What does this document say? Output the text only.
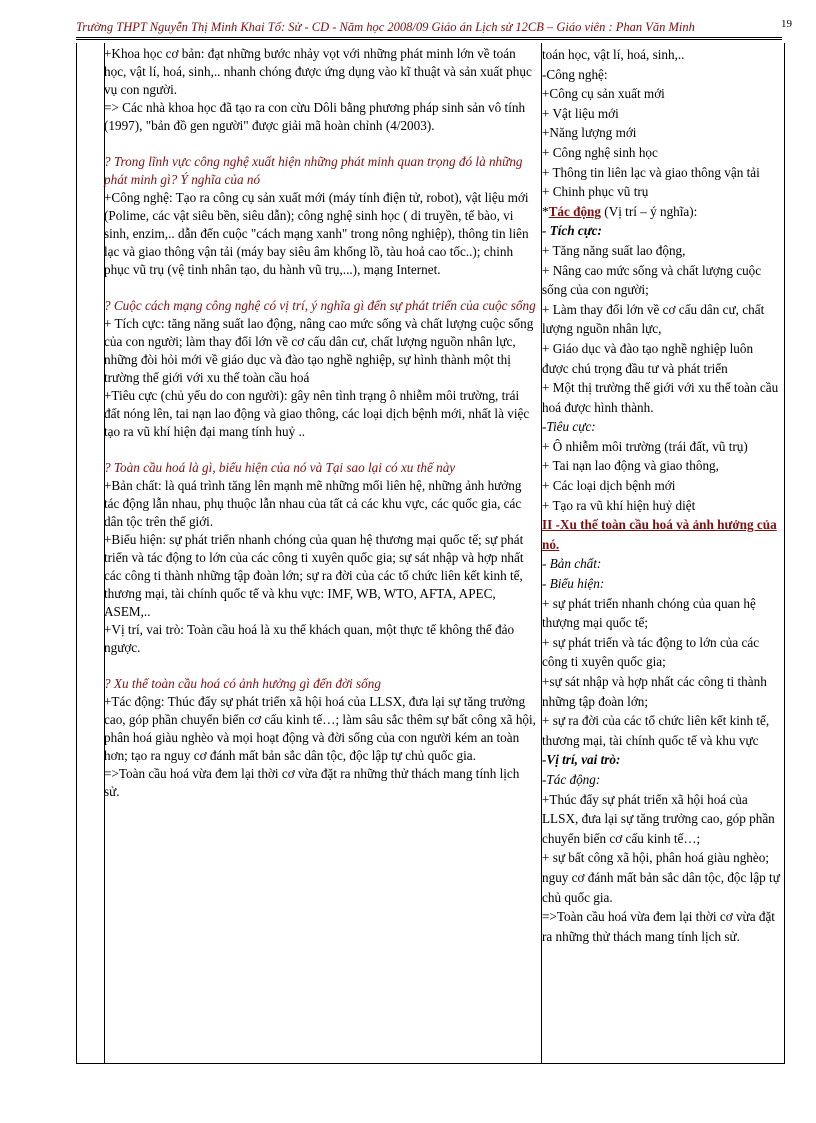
Trường THPT Nguyễn Thị Minh Khai Tổ: Sử - CD - Năm học 2008/09 Giáo án Lịch sử 12CB – Giáo viên : Phan Văn Minh	19

+Khoa học cơ bản: đạt những bước nhảy vọt với những phát minh lớn về toán học, vật lí, hoá, sinh,.. nhanh chóng được ứng dụng vào kĩ thuật và sản xuất phục vụ con người.

=> Các nhà khoa học đã tạo ra con cừu Dôli bằng phương pháp sinh sản vô tính (1997), "bản đồ gen người" được giải mã hoàn chỉnh (4/2003).

? Trong lĩnh vực công nghệ xuất hiện những phát minh quan trọng đó là những phát minh gì? Ý nghĩa của nó

+Công nghệ: Tạo ra công cụ sản xuất mới (máy tính điện tử, robot), vật liệu mới (Polime, các vật siêu bền, siêu dẫn); công nghệ sinh học ( di truyền, tế bào, vi sinh, enzim,.. dẫn đến cuộc "cách mạng xanh" trong nông nghiệp), thông tin liên lạc và giao thông vận tải (máy bay siêu âm khổng lồ, tàu hoả cao tốc..); chinh phục vũ trụ (vệ tinh nhân tạo, du hành vũ trụ,...), mạng Internet.

? Cuộc cách mạng công nghệ có vị trí, ý nghĩa gì đến sự phát triển của cuộc sống

+ Tích cực: tăng năng suất lao động, nâng cao mức sống và chất lượng cuộc sống của con người; làm thay đổi lớn về cơ cấu dân cư, chất lượng nguồn nhân lực, những đòi hỏi mới về giáo dục và đào tạo nghề nghiệp, sự hình thành một thị trường thế giới với xu thế toàn cầu hoá

+Tiêu cực (chủ yếu do con người): gây nên tình trạng ô nhiễm môi trường, trái đất nóng lên, tai nạn lao động và giao thông, các loại dịch bệnh mới, nhất là việc tạo ra vũ khí hiện đại mang tính huỷ ..

? Toàn cầu hoá là gì, biểu hiện của nó và Tại sao lại có xu thế này

+Bản chất: là quá trình tăng lên mạnh mẽ những mối liên hệ, những ảnh hưởng tác động lẫn nhau, phụ thuộc lẫn nhau của tất cả các khu vực, các quốc gia, các dân tộc trên thế giới.

+Biểu hiện: sự phát triển nhanh chóng của quan hệ thương mại quốc tế; sự phát triển và tác động to lớn của các công ti xuyên quốc gia; sự sát nhập và hợp nhất các công ti thành những tập đoàn lớn; sự ra đời của các tổ chức liên kết kinh tế, thương mại, tài chính quốc tế và khu vực: IMF, WB, WTO, AFTA, APEC, ASEM,..

+Vị trí, vai trò: Toàn cầu hoá là xu thế khách quan, một thực tế không thể đảo ngược.

? Xu thế toàn cầu hoá có ảnh hưởng gì đến đời sống

+Tác động: Thúc đẩy sự phát triển xã hội hoá của LLSX, đưa lại sự tăng trưởng cao, góp phần chuyển biến cơ cấu kinh tế…; làm sâu sắc thêm sự bất công xã hội, phân hoá giàu nghèo và mọi hoạt động và đời sống của con người kém an toàn hơn; tạo ra nguy cơ đánh mất bản sắc dân tộc, độc lập tự chủ quốc gia.

=>Toàn cầu hoá vừa đem lại thời cơ vừa đặt ra những thử thách mang tính lịch sử.

toán học, vật lí, hoá, sinh,..

-Công nghệ:

+Công cụ sản xuất mới

+ Vật liệu mới

+Năng lượng mới

+ Công nghệ sinh học

+ Thông tin liên lạc và giao thông vận tải

+ Chinh phục vũ trụ

*Tác động (Vị trí – ý nghĩa):

- Tích cực:

+ Tăng năng suất lao động,

+ Nâng cao mức sống và chất lượng cuộc sống của con người;

+ Làm thay đổi lớn về cơ cấu dân cư, chất lượng nguồn nhân lực,

+ Giáo dục và đào tạo nghề nghiệp luôn được chú trọng đầu tư và phát triển

+ Một thị trường thế giới với xu thế toàn cầu hoá được hình thành.

-Tiêu cực:

+ Ô nhiễm môi trường (trái đất, vũ trụ)

+ Tai nạn lao động và giao thông,

+ Các loại dịch bệnh mới

+ Tạo ra vũ khí hiện huỷ diệt

II -Xu thế toàn cầu hoá và ảnh hưởng của nó.

- Bản chất:

- Biểu hiện:

+ sự phát triển nhanh chóng của quan hệ thượng mại quốc tế;

+ sự phát triển và tác động to lớn của các công ti xuyên quốc gia;

+sự sát nhập và hợp nhất các công ti thành những tập đoàn lớn;

+ sự ra đời của các tổ chức liên kết kinh tế, thương mại, tài chính quốc tế và khu vực

-Vị trí, vai trò:

-Tác động:

+Thúc đẩy sự phát triển xã hội hoá của LLSX, đưa lại sự tăng trưởng cao, góp phần chuyển biến cơ cấu kinh tế…;

+ sự bất công xã hội, phân hoá giàu nghèo; nguy cơ đánh mất bản sắc dân tộc, độc lập tự chủ quốc gia.

=>Toàn cầu hoá vừa đem lại thời cơ vừa đặt ra những thử thách mang tính lịch sử.
